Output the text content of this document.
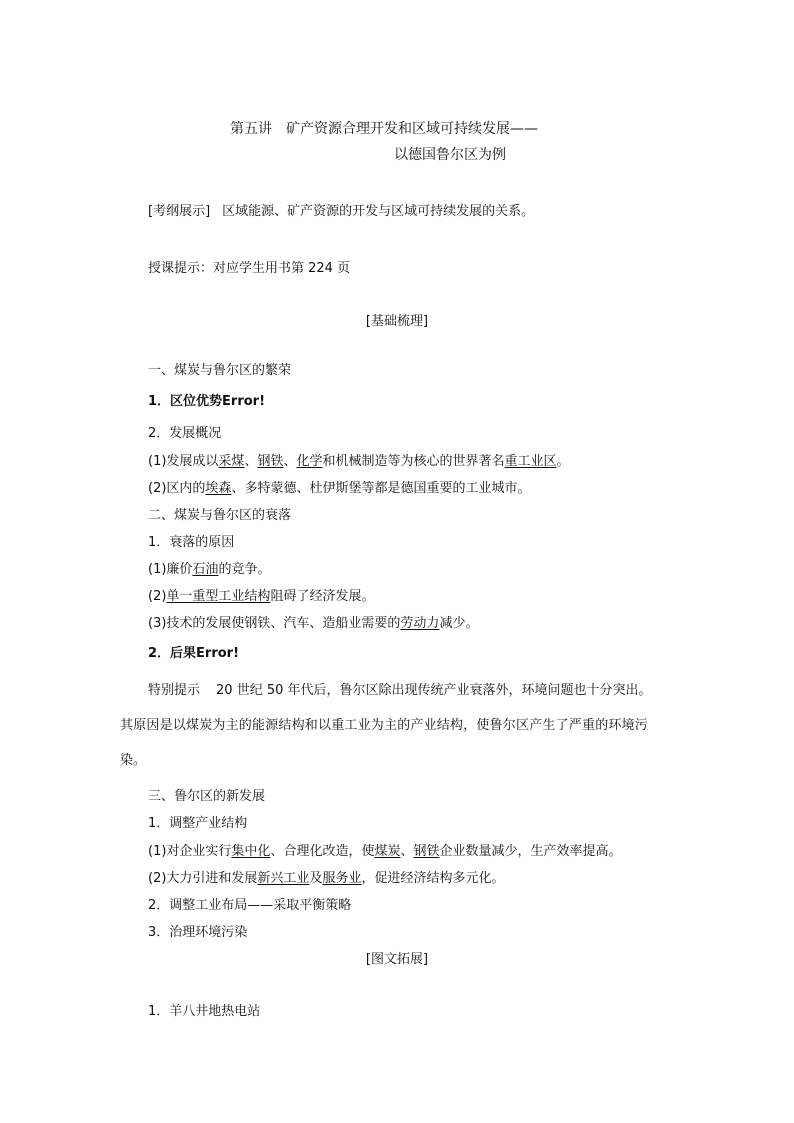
第五讲　矿产资源合理开发和区域可持续发展——
以德国鲁尔区为例
[考纲展示] 区域能源、矿产资源的开发与区域可持续发展的关系。
授课提示：对应学生用书第 224 页
[基础梳理]
一、煤炭与鲁尔区的繁荣
1．区位优势Error!
2．发展概况
(1)发展成以采煤、钢铁、化学和机械制造等为核心的世界著名重工业区。
(2)区内的埃森、多特蒙德、杜伊斯堡等都是德国重要的工业城市。
二、煤炭与鲁尔区的衰落
1．衰落的原因
(1)廉价石油的竞争。
(2)单一重型工业结构阻碍了经济发展。
(3)技术的发展使钢铁、汽车、造船业需要的劳动力减少。
2．后果Error!
特别提示 20 世纪 50 年代后，鲁尔区除出现传统产业衰落外，环境问题也十分突出。
其原因是以煤炭为主的能源结构和以重工业为主的产业结构，使鲁尔区产生了严重的环境污
染。
三、鲁尔区的新发展
1．调整产业结构
(1)对企业实行集中化、合理化改造，使煤炭、钢铁企业数量减少，生产效率提高。
(2)大力引进和发展新兴工业及服务业，促进经济结构多元化。
2．调整工业布局——采取平衡策略
3．治理环境污染
[图文拓展]
1．羊八井地热电站
